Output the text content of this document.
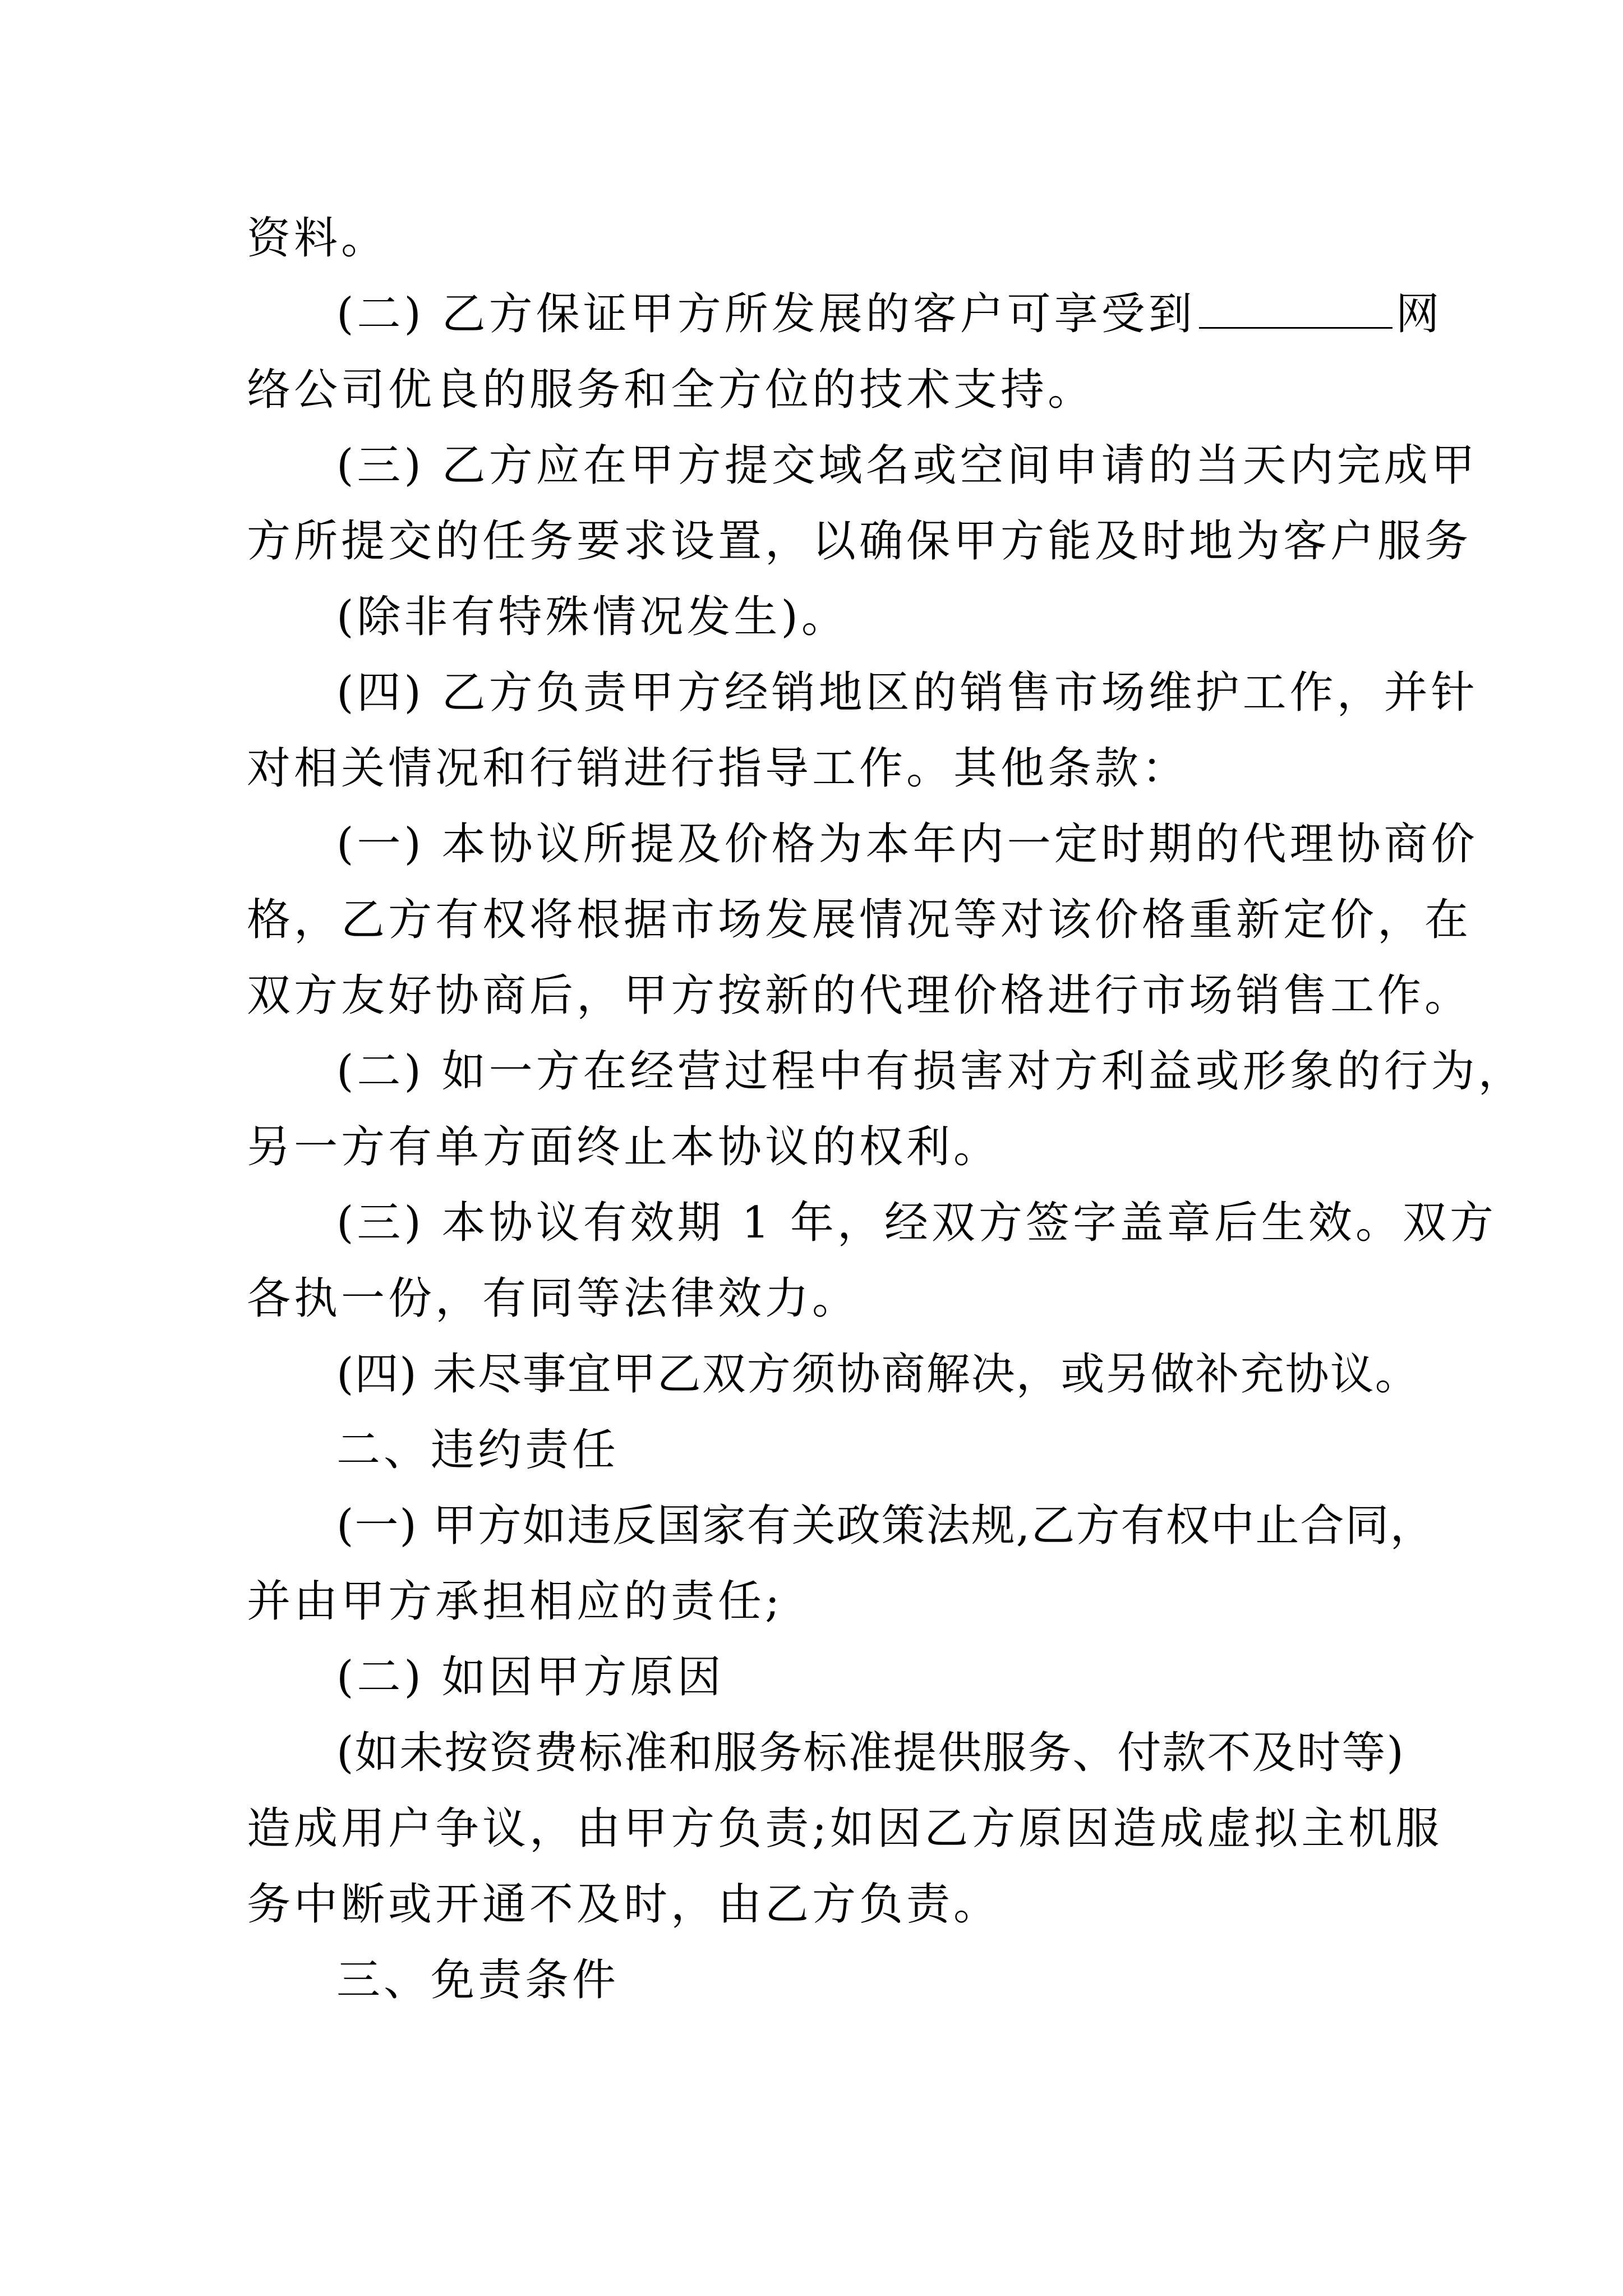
资料。

(二) 乙方保证甲方所发展的客户可享受到	网

络公司优良的服务和全方位的技术支持。

(三) 乙方应在甲方提交域名或空间申请的当天内完成甲

方所提交的任务要求设置，以确保甲方能及时地为客户服务

(除非有特殊情况发生)。

(四) 乙方负责甲方经销地区的销售市场维护工作，并针

对相关情况和行销进行指导工作。其他条款：

(一) 本协议所提及价格为本年内一定时期的代理协商价

格，乙方有权将根据市场发展情况等对该价格重新定价，在

双方友好协商后，甲方按新的代理价格进行市场销售工作。

(二) 如一方在经营过程中有损害对方利益或形象的行为，

另一方有单方面终止本协议的权利。

(三) 本协议有效期 1 年，经双方签字盖章后生效。双方

各执一份，有同等法律效力。

(四) 未尽事宜甲乙双方须协商解决，或另做补充协议。

二、违约责任

(一) 甲方如违反国家有关政策法规,乙方有权中止合同，

并由甲方承担相应的责任;

(二) 如因甲方原因

(如未按资费标准和服务标准提供服务、付款不及时等)

造成用户争议，由甲方负责;如因乙方原因造成虚拟主机服

务中断或开通不及时，由乙方负责。

三、免责条件
